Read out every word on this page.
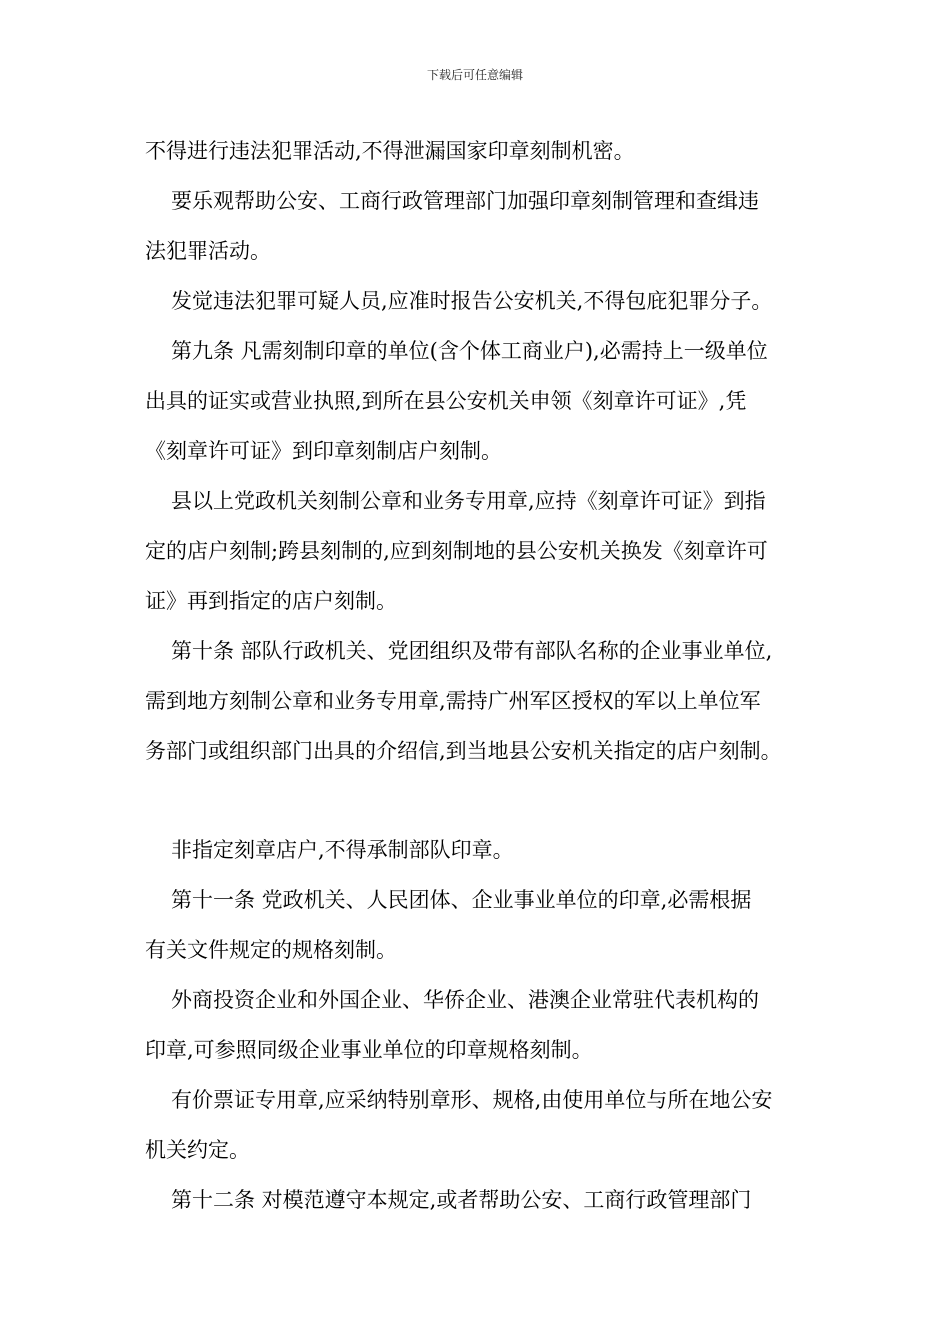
下载后可任意编辑
不得进行违法犯罪活动,不得泄漏国家印章刻制机密。
要乐观帮助公安、工商行政管理部门加强印章刻制管理和查缉违
法犯罪活动。
发觉违法犯罪可疑人员,应准时报告公安机关,不得包庇犯罪分子。
第九条 凡需刻制印章的单位(含个体工商业户),必需持上一级单位
出具的证实或营业执照,到所在县公安机关申领《刻章许可证》,凭
《刻章许可证》到印章刻制店户刻制。
县以上党政机关刻制公章和业务专用章,应持《刻章许可证》到指
定的店户刻制;跨县刻制的,应到刻制地的县公安机关换发《刻章许可
证》再到指定的店户刻制。
第十条 部队行政机关、党团组织及带有部队名称的企业事业单位,
需到地方刻制公章和业务专用章,需持广州军区授权的军以上单位军
务部门或组织部门出具的介绍信,到当地县公安机关指定的店户刻制。
非指定刻章店户,不得承制部队印章。
第十一条 党政机关、人民团体、企业事业单位的印章,必需根据
有关文件规定的规格刻制。
外商投资企业和外国企业、华侨企业、港澳企业常驻代表机构的
印章,可参照同级企业事业单位的印章规格刻制。
有价票证专用章,应采纳特别章形、规格,由使用单位与所在地公安
机关约定。
第十二条 对模范遵守本规定,或者帮助公安、工商行政管理部门
